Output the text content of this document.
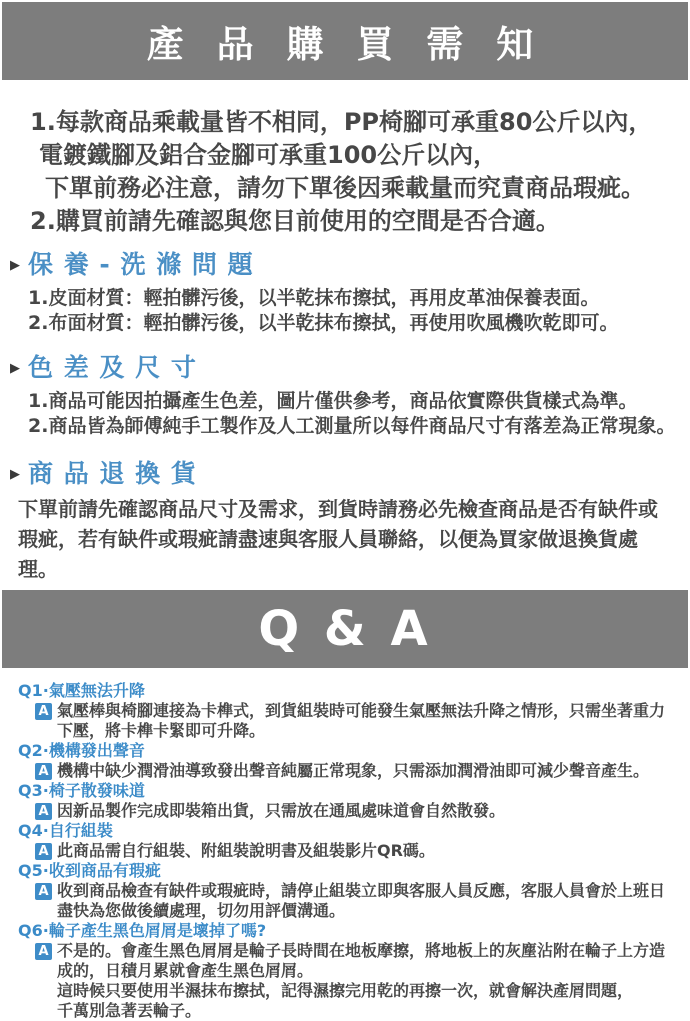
產 品 購 買 需 知
1.每款商品乘載量皆不相同，PP椅腳可承重80公斤以內，
電鍍鐵腳及鋁合金腳可承重100公斤以內，
下單前務必注意，請勿下單後因乘載量而究責商品瑕疵。
2.購買前請先確認與您目前使用的空間是否合適。
▶ 保 養 - 洗 滌 問 題
1.皮面材質：輕拍髒污後，以半乾抹布擦拭，再用皮革油保養表面。
2.布面材質：輕拍髒污後，以半乾抹布擦拭，再使用吹風機吹乾即可。
▶ 色 差 及 尺 寸
1.商品可能因拍攝產生色差，圖片僅供參考，商品依實際供貨樣式為準。
2.商品皆為師傅純手工製作及人工測量所以每件商品尺寸有落差為正常現象。
▶ 商 品 退 換 貨
下單前請先確認商品尺寸及需求，到貨時請務必先檢查商品是否有缺件或瑕疵，若有缺件或瑕疵請盡速與客服人員聯絡，以便為買家做退換貨處理。
Q & A
Q1·氣壓無法升降
A 氣壓棒與椅腳連接為卡榫式，到貨組裝時可能發生氣壓無法升降之情形，只需坐著重力下壓，將卡榫卡緊即可升降。
Q2·機構發出聲音
A 機構中缺少潤滑油導致發出聲音純屬正常現象，只需添加潤滑油即可減少聲音產生。
Q3·椅子散發味道
A 因新品製作完成即裝箱出貨，只需放在通風處味道會自然散發。
Q4·自行組裝
A 此商品需自行組裝、附組裝說明書及組裝影片QR碼。
Q5·收到商品有瑕疵
A 收到商品檢查有缺件或瑕疵時，請停止組裝立即與客服人員反應，客服人員會於上班日盡快為您做後續處理，切勿用評價溝通。
Q6·輪子產生黑色屑屑是壞掉了嗎?
A 不是的。會產生黑色屑屑是輪子長時間在地板摩擦，將地板上的灰塵沾附在輪子上方造成的，日積月累就會產生黑色屑屑。
這時候只要使用半濕抹布擦拭，記得濕擦完用乾的再擦一次，就會解決產屑問題，
千萬別急著丟輪子。
